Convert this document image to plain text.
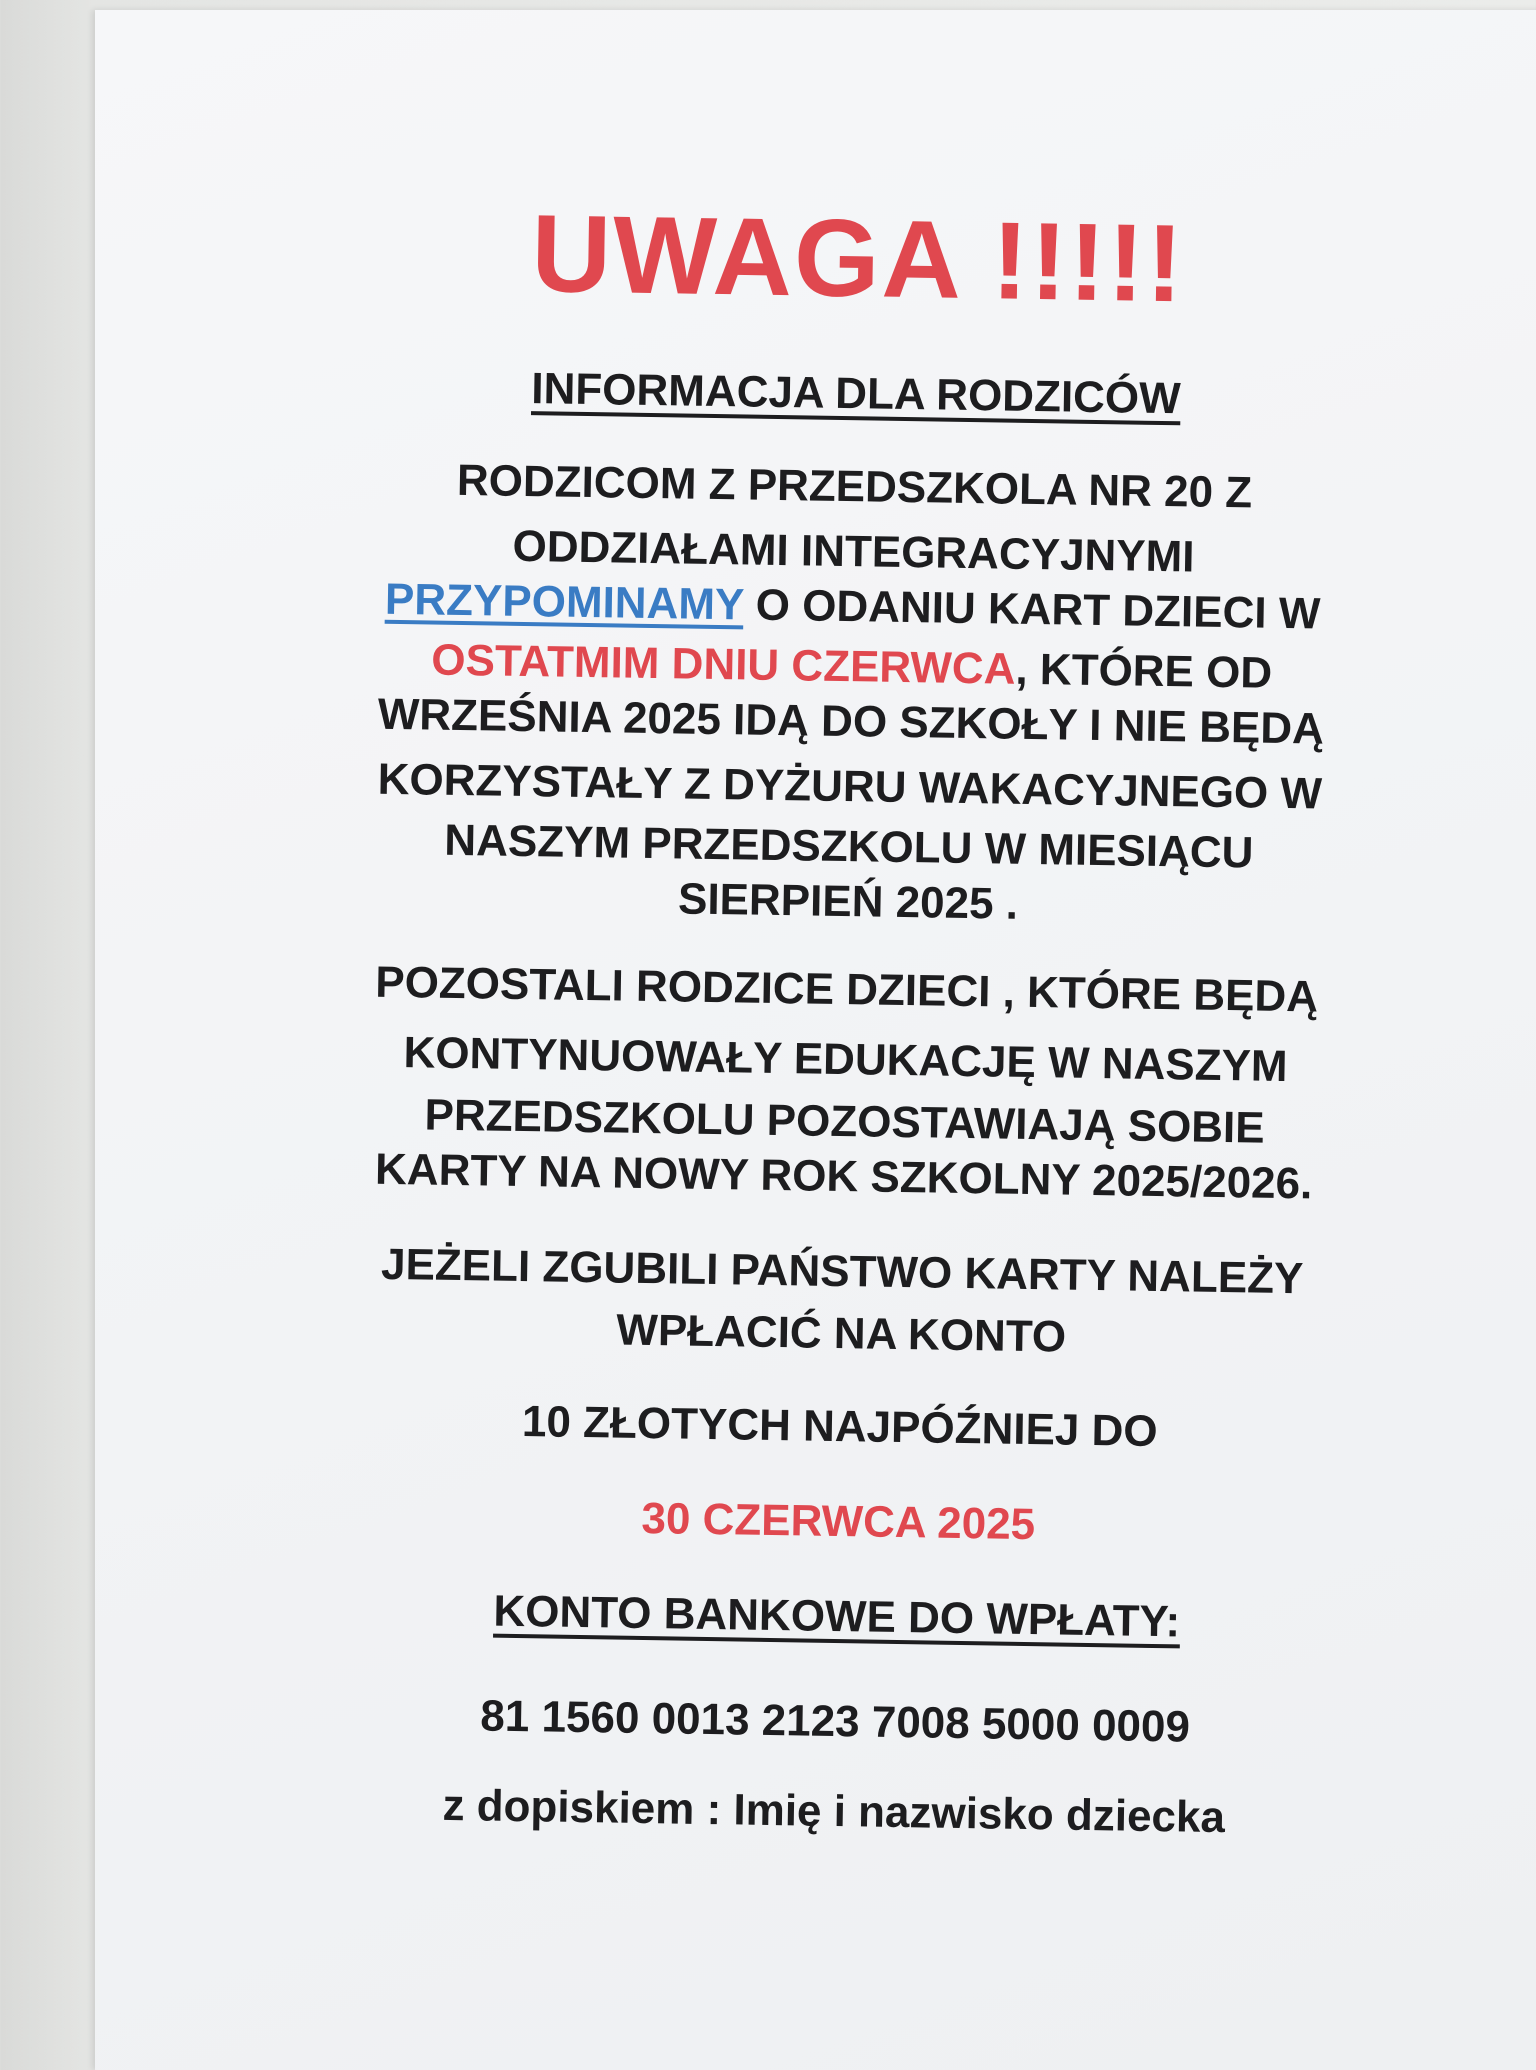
UWAGA !!!!!
INFORMACJA DLA RODZICÓW
RODZICOM Z PRZEDSZKOLA NR 20 Z
ODDZIAŁAMI INTEGRACYJNYMI
PRZYPOMINAMY O ODANIU KART DZIECI W
OSTATMIM DNIU CZERWCA, KTÓRE OD
WRZEŚNIA 2025 IDĄ DO SZKOŁY I NIE BĘDĄ
KORZYSTAŁY Z DYŻURU WAKACYJNEGO W
NASZYM PRZEDSZKOLU W MIESIĄCU
SIERPIEŃ 2025 .
POZOSTALI RODZICE DZIECI , KTÓRE BĘDĄ
KONTYNUOWAŁY EDUKACJĘ W NASZYM
PRZEDSZKOLU POZOSTAWIAJĄ SOBIE
KARTY NA NOWY ROK SZKOLNY 2025/2026.
JEŻELI ZGUBILI PAŃSTWO KARTY NALEŻY
WPŁACIĆ NA KONTO
10 ZŁOTYCH NAJPÓŹNIEJ DO
30 CZERWCA 2025
KONTO BANKOWE DO WPŁATY:
81 1560 0013 2123 7008 5000 0009
z dopiskiem : Imię i nazwisko dziecka
